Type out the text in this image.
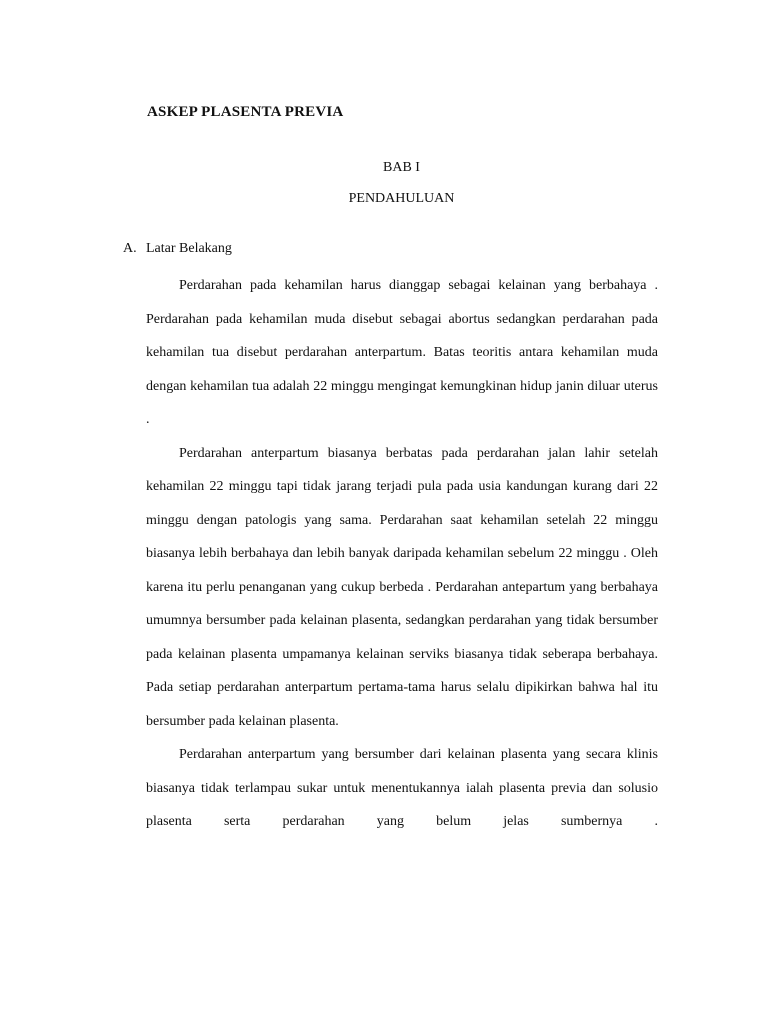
ASKEP PLASENTA PREVIA
BAB I
PENDAHULUAN
A. Latar Belakang

Perdarahan pada kehamilan harus dianggap sebagai kelainan yang berbahaya . Perdarahan pada kehamilan muda disebut sebagai abortus sedangkan perdarahan pada kehamilan tua disebut perdarahan anterpartum. Batas teoritis antara kehamilan muda dengan kehamilan tua adalah 22 minggu mengingat kemungkinan hidup janin diluar uterus .

Perdarahan anterpartum biasanya berbatas pada perdarahan jalan lahir setelah kehamilan 22 minggu tapi tidak jarang terjadi pula pada usia kandungan kurang dari 22 minggu dengan patologis yang sama. Perdarahan saat kehamilan setelah 22 minggu biasanya lebih berbahaya dan lebih banyak daripada kehamilan sebelum 22 minggu . Oleh karena itu perlu penanganan yang cukup berbeda . Perdarahan antepartum yang berbahaya umumnya bersumber pada kelainan plasenta, sedangkan perdarahan yang tidak bersumber pada kelainan plasenta umpamanya kelainan serviks biasanya tidak seberapa berbahaya. Pada setiap perdarahan anterpartum pertama-tama harus selalu dipikirkan bahwa hal itu bersumber pada kelainan plasenta.

Perdarahan anterpartum yang bersumber dari kelainan plasenta yang secara klinis biasanya tidak terlampau sukar untuk menentukannya ialah plasenta previa dan solusio plasenta serta perdarahan yang belum jelas sumbernya .
